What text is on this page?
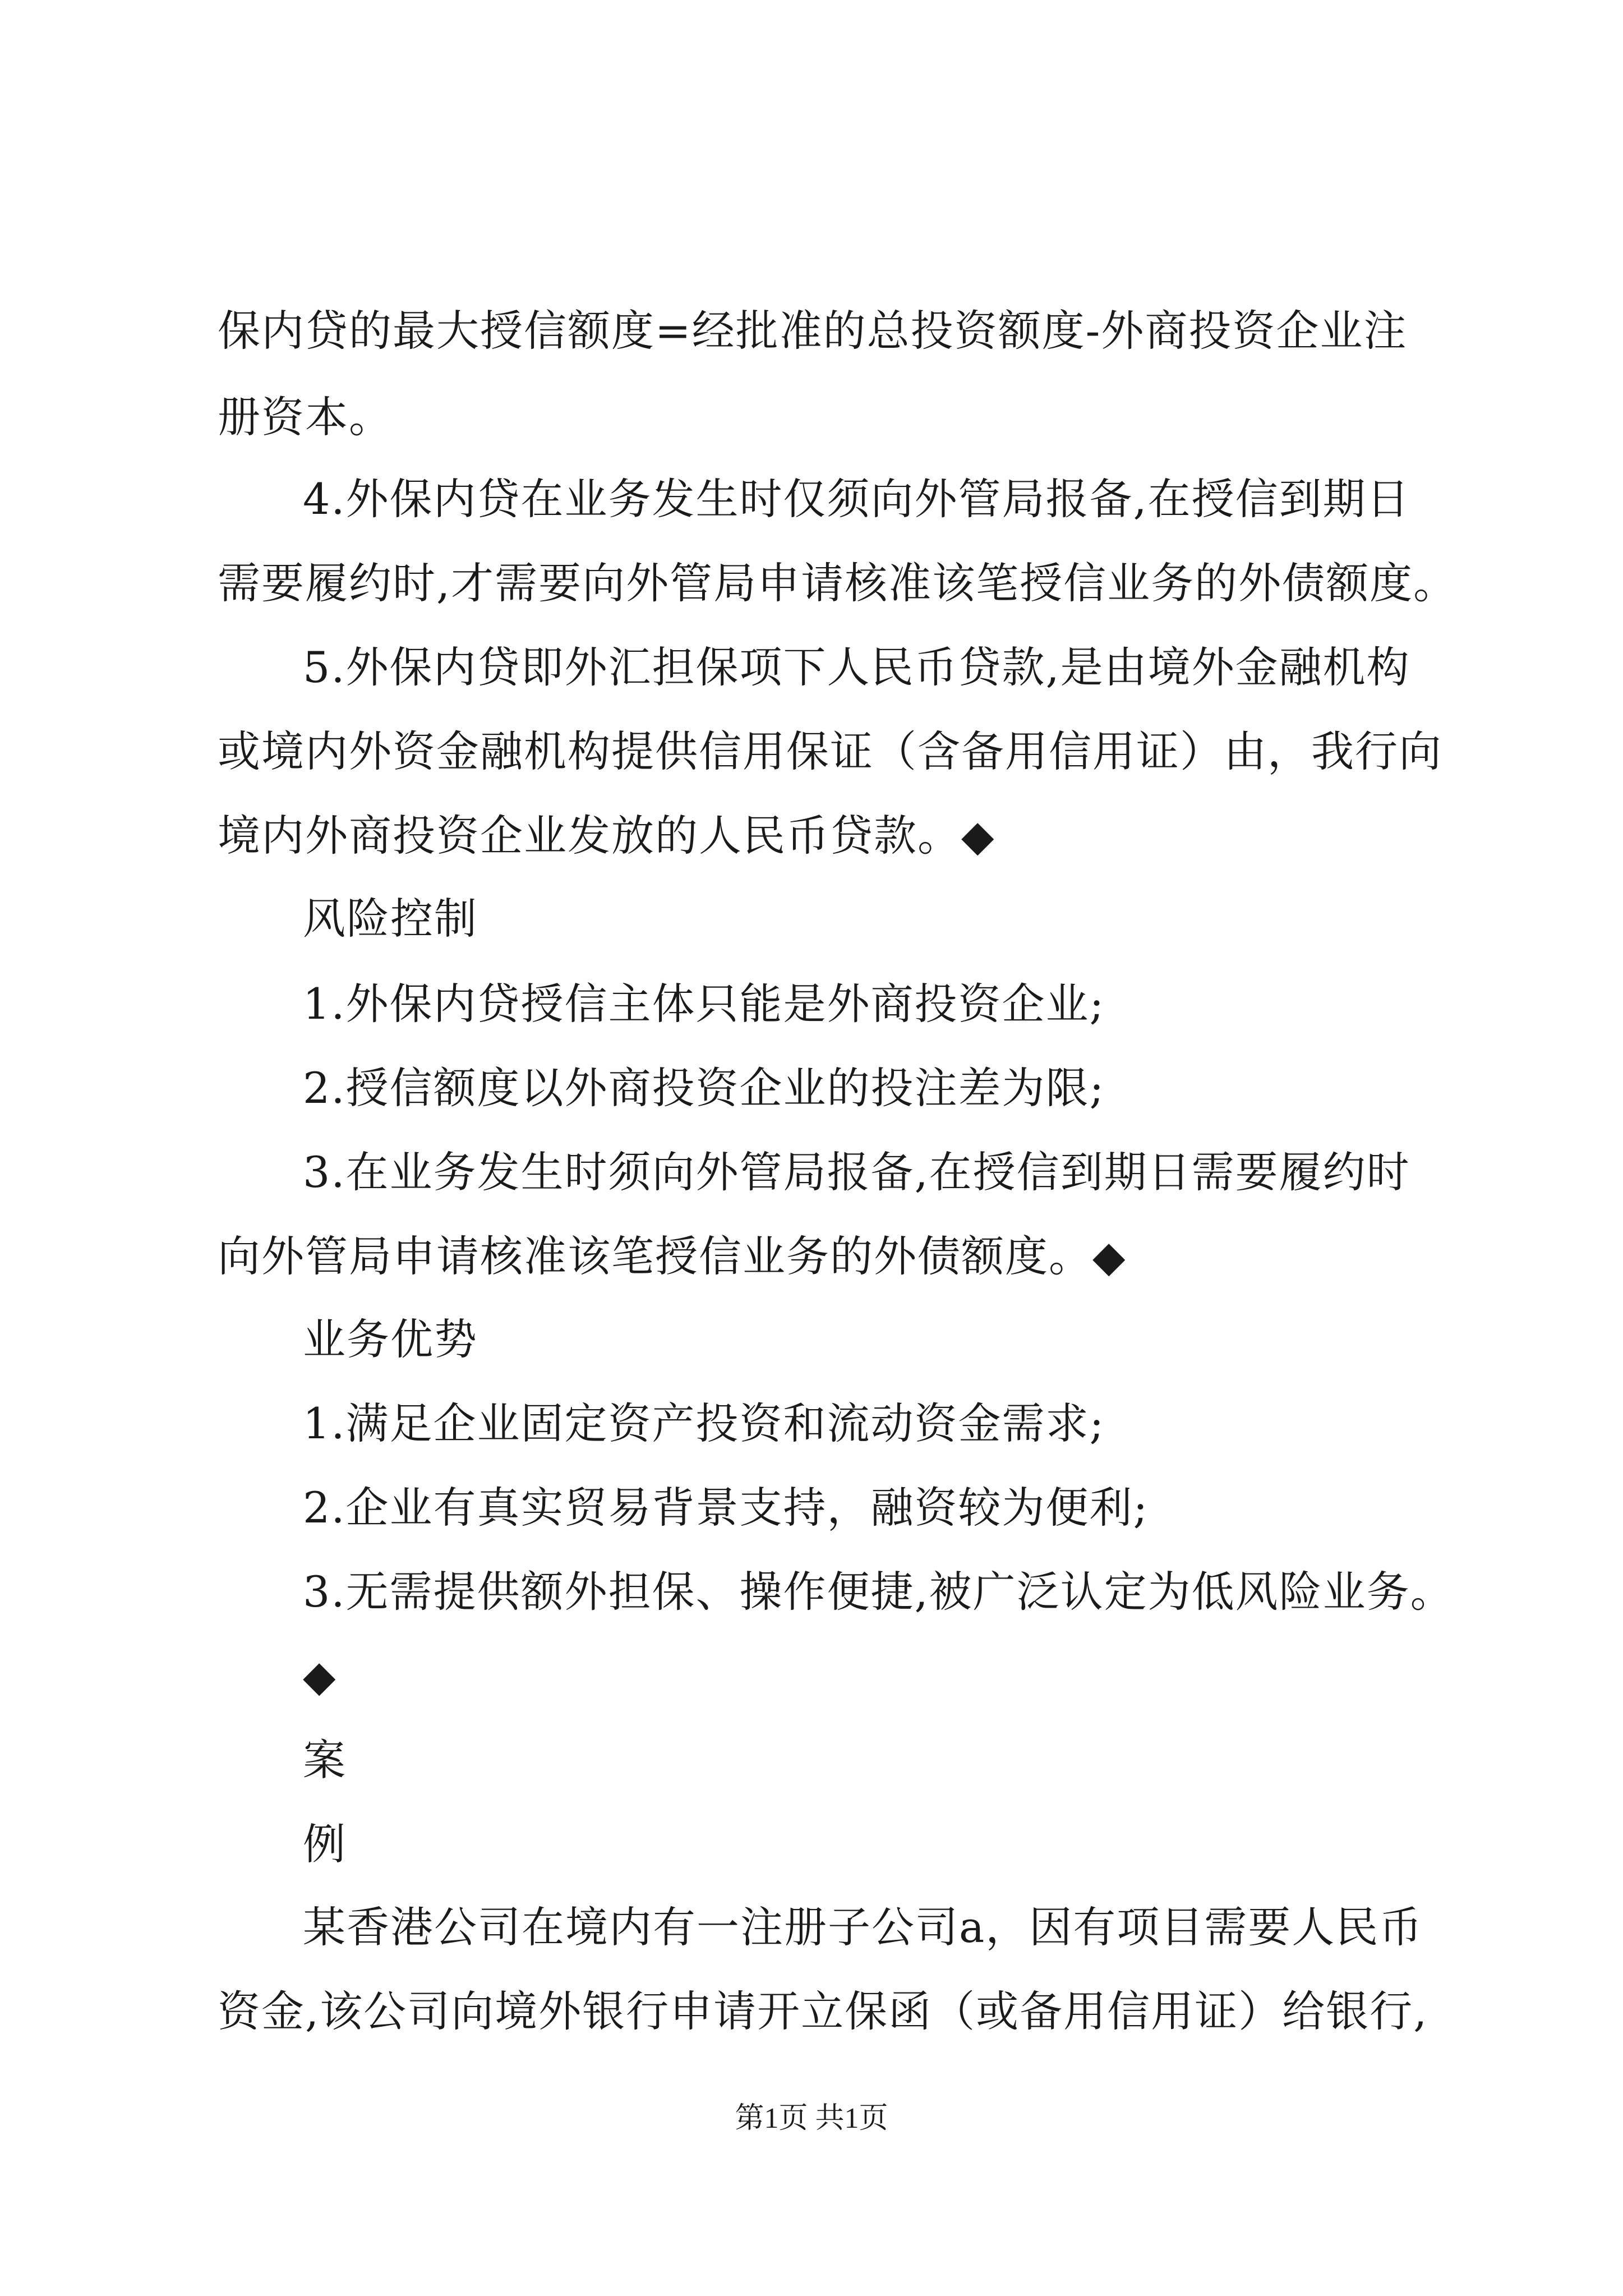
保内贷的最大授信额度=经批准的总投资额度-外商投资企业注
册资本。
4.外保内贷在业务发生时仅须向外管局报备,在授信到期日
需要履约时,才需要向外管局申请核准该笔授信业务的外债额度。
5.外保内贷即外汇担保项下人民币贷款,是由境外金融机构
或境内外资金融机构提供信用保证（含备用信用证）由，我行向
境内外商投资企业发放的人民币贷款。◆
风险控制
1.外保内贷授信主体只能是外商投资企业;
2.授信额度以外商投资企业的投注差为限;
3.在业务发生时须向外管局报备,在授信到期日需要履约时
向外管局申请核准该笔授信业务的外债额度。◆
业务优势
1.满足企业固定资产投资和流动资金需求;
2.企业有真实贸易背景支持，融资较为便利;
3.无需提供额外担保、操作便捷,被广泛认定为低风险业务。
◆
案
例
某香港公司在境内有一注册子公司a，因有项目需要人民币
资金,该公司向境外银行申请开立保函（或备用信用证）给银行,
第1页 共1页
